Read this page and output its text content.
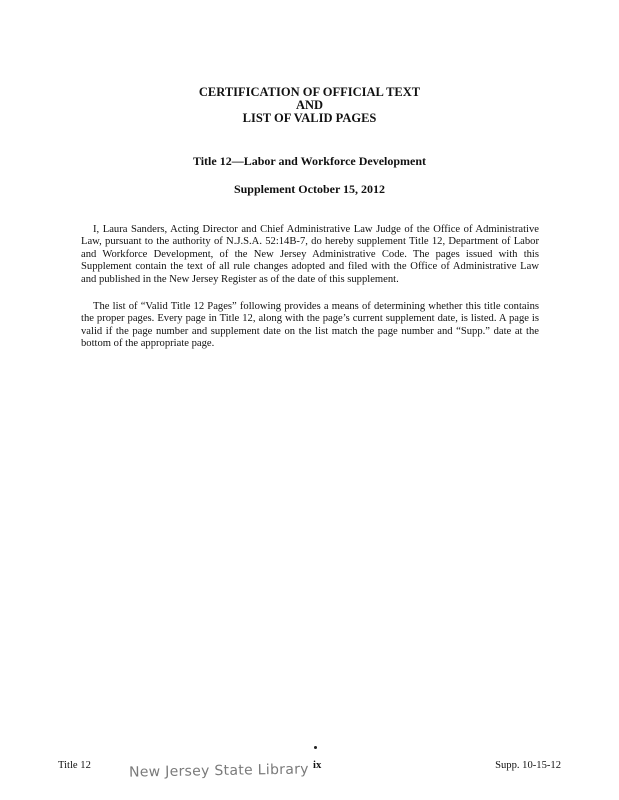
CERTIFICATION OF OFFICIAL TEXT
AND
LIST OF VALID PAGES
Title 12—Labor and Workforce Development
Supplement October 15, 2012

I, Laura Sanders, Acting Director and Chief Administrative Law Judge of the Office of Administrative Law, pursuant to the authority of N.J.S.A. 52:14B-7, do hereby supplement Title 12, Department of Labor and Workforce Development, of the New Jersey Administrative Code. The pages issued with this Supplement contain the text of all rule changes adopted and filed with the Office of Administrative Law and published in the New Jersey Register as of the date of this supplement.

The list of “Valid Title 12 Pages” following provides a means of determining whether this title contains the proper pages. Every page in Title 12, along with the page’s current supplement date, is listed. A page is valid if the page number and supplement date on the list match the page number and “Supp.” date at the bottom of the appropriate page.

Title 12	New Jersey State Library ix	Supp. 10-15-12
